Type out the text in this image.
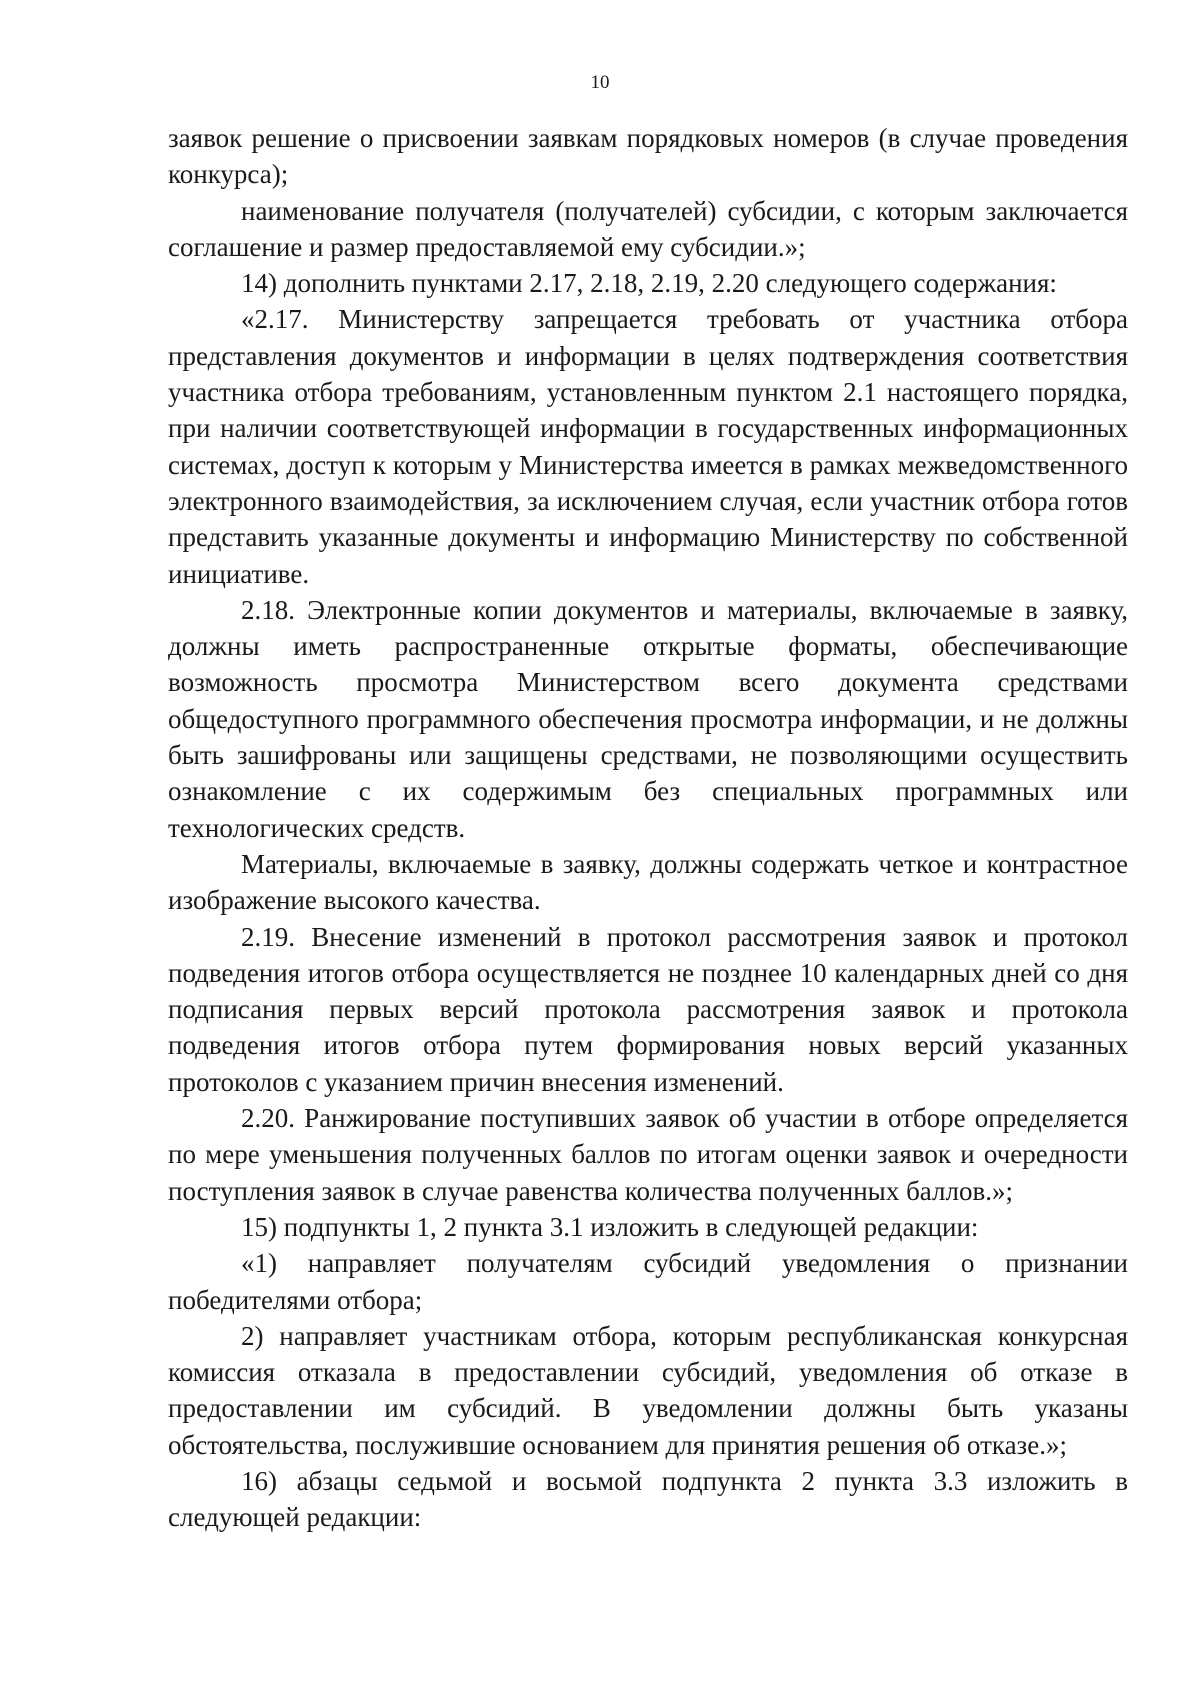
10

заявок решение о присвоении заявкам порядковых номеров (в случае проведения конкурса);

наименование получателя (получателей) субсидии, с которым заключается соглашение и размер предоставляемой ему субсидии.»;

14) дополнить пунктами 2.17, 2.18, 2.19, 2.20 следующего содержания:

«2.17. Министерству запрещается требовать от участника отбора представления документов и информации в целях подтверждения соответствия участника отбора требованиям, установленным пунктом 2.1 настоящего порядка, при наличии соответствующей информации в государственных информационных системах, доступ к которым у Министерства имеется в рамках межведомственного электронного взаимодействия, за исключением случая, если участник отбора готов представить указанные документы и информацию Министерству по собственной инициативе.

2.18. Электронные копии документов и материалы, включаемые в заявку, должны иметь распространенные открытые форматы, обеспечивающие возможность просмотра Министерством всего документа средствами общедоступного программного обеспечения просмотра информации, и не должны быть зашифрованы или защищены средствами, не позволяющими осуществить ознакомление с их содержимым без специальных программных или технологических средств.

Материалы, включаемые в заявку, должны содержать четкое и контрастное изображение высокого качества.

2.19. Внесение изменений в протокол рассмотрения заявок и протокол подведения итогов отбора осуществляется не позднее 10 календарных дней со дня подписания первых версий протокола рассмотрения заявок и протокола подведения итогов отбора путем формирования новых версий указанных протоколов с указанием причин внесения изменений.

2.20. Ранжирование поступивших заявок об участии в отборе определяется по мере уменьшения полученных баллов по итогам оценки заявок и очередности поступления заявок в случае равенства количества полученных баллов.»;

15) подпункты 1, 2 пункта 3.1 изложить в следующей редакции:

«1) направляет получателям субсидий уведомления о признании победителями отбора;

2) направляет участникам отбора, которым республиканская конкурсная комиссия отказала в предоставлении субсидий, уведомления об отказе в предоставлении им субсидий. В уведомлении должны быть указаны обстоятельства, послужившие основанием для принятия решения об отказе.»;

16) абзацы седьмой и восьмой подпункта 2 пункта 3.3 изложить в следующей редакции:
